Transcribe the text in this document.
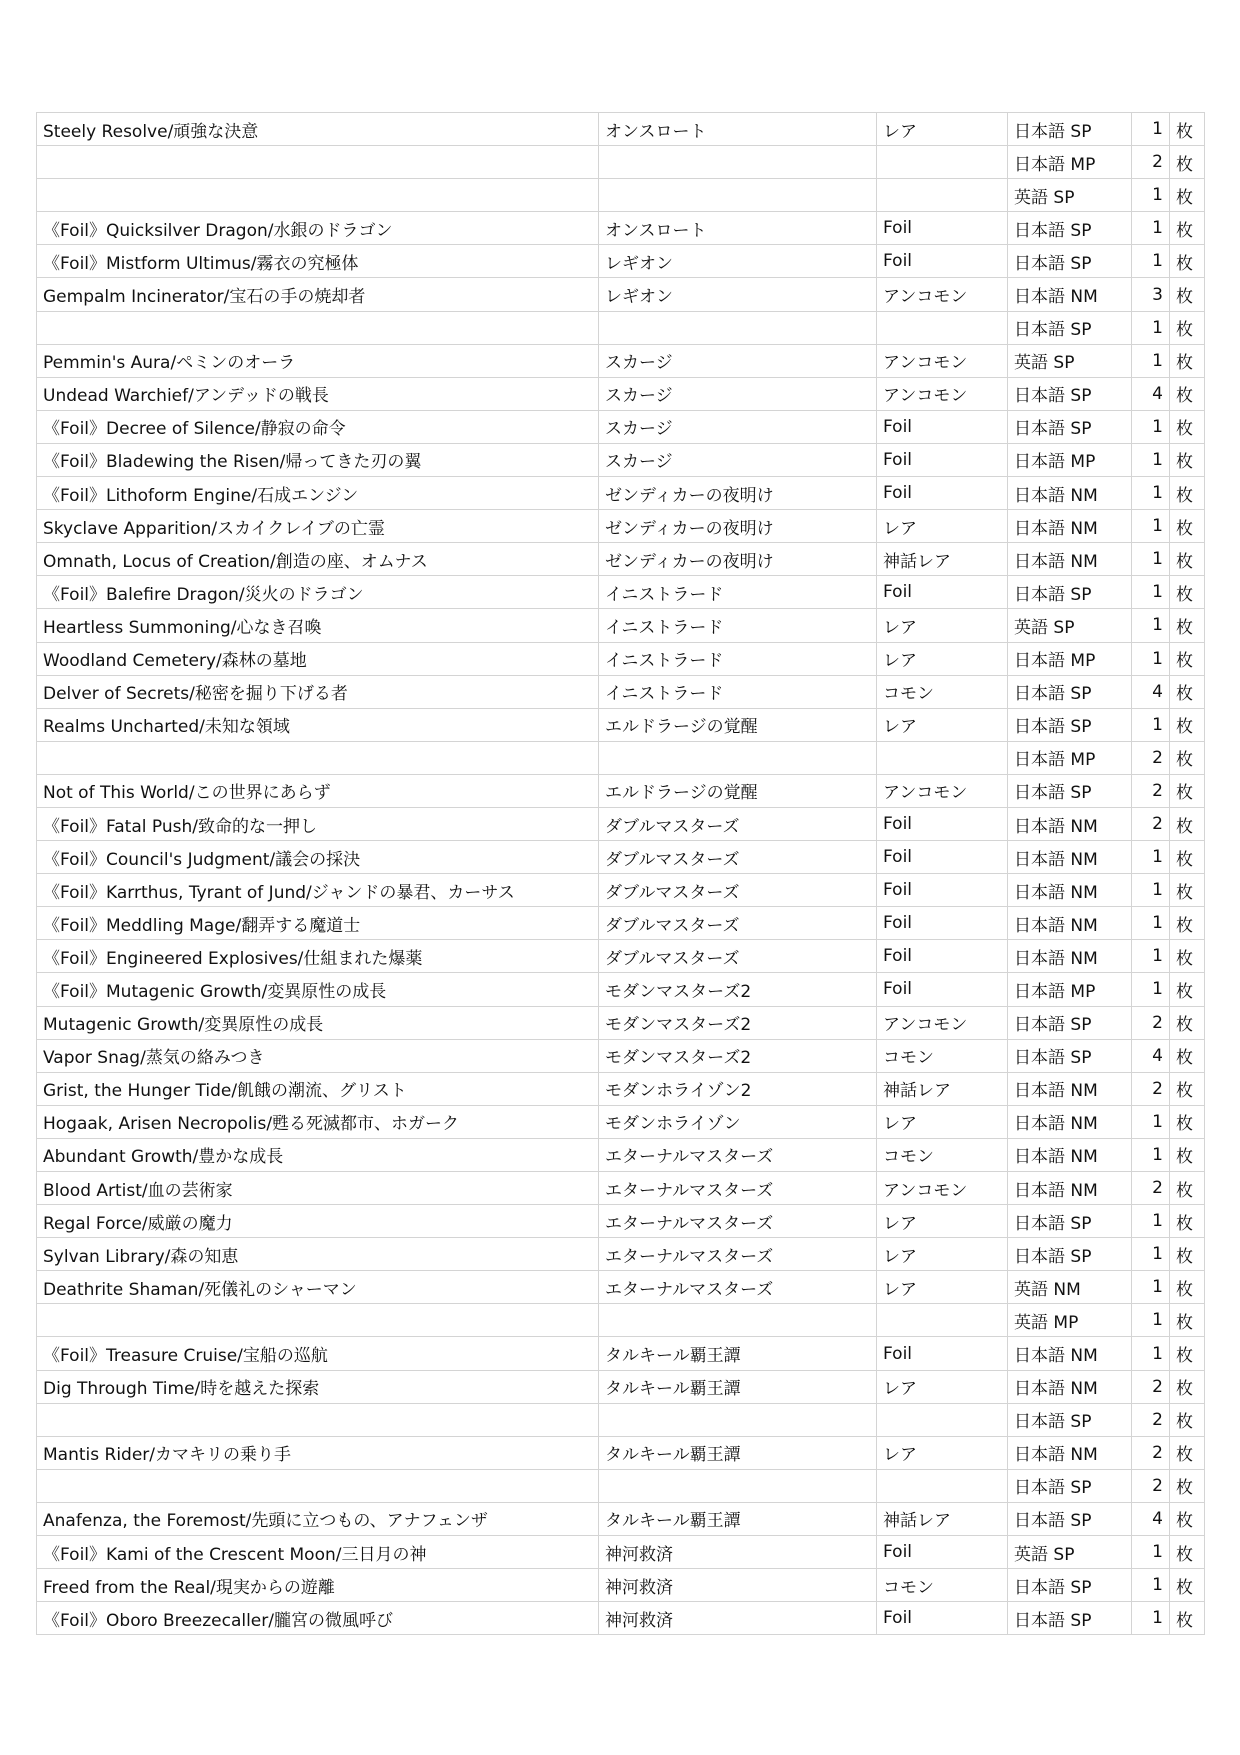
Steely Resolve/頑強な決意	オンスロート	レア	日本語 SP	1	枚
			日本語 MP	2	枚
			英語 SP	1	枚
《Foil》Quicksilver Dragon/水銀のドラゴン	オンスロート	Foil	日本語 SP	1	枚
《Foil》Mistform Ultimus/霧衣の究極体	レギオン	Foil	日本語 SP	1	枚
Gempalm Incinerator/宝石の手の焼却者	レギオン	アンコモン	日本語 NM	3	枚
			日本語 SP	1	枚
Pemmin's Aura/ペミンのオーラ	スカージ	アンコモン	英語 SP	1	枚
Undead Warchief/アンデッドの戦長	スカージ	アンコモン	日本語 SP	4	枚
《Foil》Decree of Silence/静寂の命令	スカージ	Foil	日本語 SP	1	枚
《Foil》Bladewing the Risen/帰ってきた刃の翼	スカージ	Foil	日本語 MP	1	枚
《Foil》Lithoform Engine/石成エンジン	ゼンディカーの夜明け	Foil	日本語 NM	1	枚
Skyclave Apparition/スカイクレイブの亡霊	ゼンディカーの夜明け	レア	日本語 NM	1	枚
Omnath, Locus of Creation/創造の座、オムナス	ゼンディカーの夜明け	神話レア	日本語 NM	1	枚
《Foil》Balefire Dragon/災火のドラゴン	イニストラード	Foil	日本語 SP	1	枚
Heartless Summoning/心なき召喚	イニストラード	レア	英語 SP	1	枚
Woodland Cemetery/森林の墓地	イニストラード	レア	日本語 MP	1	枚
Delver of Secrets/秘密を掘り下げる者	イニストラード	コモン	日本語 SP	4	枚
Realms Uncharted/未知な領域	エルドラージの覚醒	レア	日本語 SP	1	枚
			日本語 MP	2	枚
Not of This World/この世界にあらず	エルドラージの覚醒	アンコモン	日本語 SP	2	枚
《Foil》Fatal Push/致命的な一押し	ダブルマスターズ	Foil	日本語 NM	2	枚
《Foil》Council's Judgment/議会の採決	ダブルマスターズ	Foil	日本語 NM	1	枚
《Foil》Karrthus, Tyrant of Jund/ジャンドの暴君、カーサス	ダブルマスターズ	Foil	日本語 NM	1	枚
《Foil》Meddling Mage/翻弄する魔道士	ダブルマスターズ	Foil	日本語 NM	1	枚
《Foil》Engineered Explosives/仕組まれた爆薬	ダブルマスターズ	Foil	日本語 NM	1	枚
《Foil》Mutagenic Growth/変異原性の成長	モダンマスターズ2	Foil	日本語 MP	1	枚
Mutagenic Growth/変異原性の成長	モダンマスターズ2	アンコモン	日本語 SP	2	枚
Vapor Snag/蒸気の絡みつき	モダンマスターズ2	コモン	日本語 SP	4	枚
Grist, the Hunger Tide/飢餓の潮流、グリスト	モダンホライゾン2	神話レア	日本語 NM	2	枚
Hogaak, Arisen Necropolis/甦る死滅都市、ホガーク	モダンホライゾン	レア	日本語 NM	1	枚
Abundant Growth/豊かな成長	エターナルマスターズ	コモン	日本語 NM	1	枚
Blood Artist/血の芸術家	エターナルマスターズ	アンコモン	日本語 NM	2	枚
Regal Force/威厳の魔力	エターナルマスターズ	レア	日本語 SP	1	枚
Sylvan Library/森の知恵	エターナルマスターズ	レア	日本語 SP	1	枚
Deathrite Shaman/死儀礼のシャーマン	エターナルマスターズ	レア	英語 NM	1	枚
			英語 MP	1	枚
《Foil》Treasure Cruise/宝船の巡航	タルキール覇王譚	Foil	日本語 NM	1	枚
Dig Through Time/時を越えた探索	タルキール覇王譚	レア	日本語 NM	2	枚
			日本語 SP	2	枚
Mantis Rider/カマキリの乗り手	タルキール覇王譚	レア	日本語 NM	2	枚
			日本語 SP	2	枚
Anafenza, the Foremost/先頭に立つもの、アナフェンザ	タルキール覇王譚	神話レア	日本語 SP	4	枚
《Foil》Kami of the Crescent Moon/三日月の神	神河救済	Foil	英語 SP	1	枚
Freed from the Real/現実からの遊離	神河救済	コモン	日本語 SP	1	枚
《Foil》Oboro Breezecaller/朧宮の微風呼び	神河救済	Foil	日本語 SP	1	枚
